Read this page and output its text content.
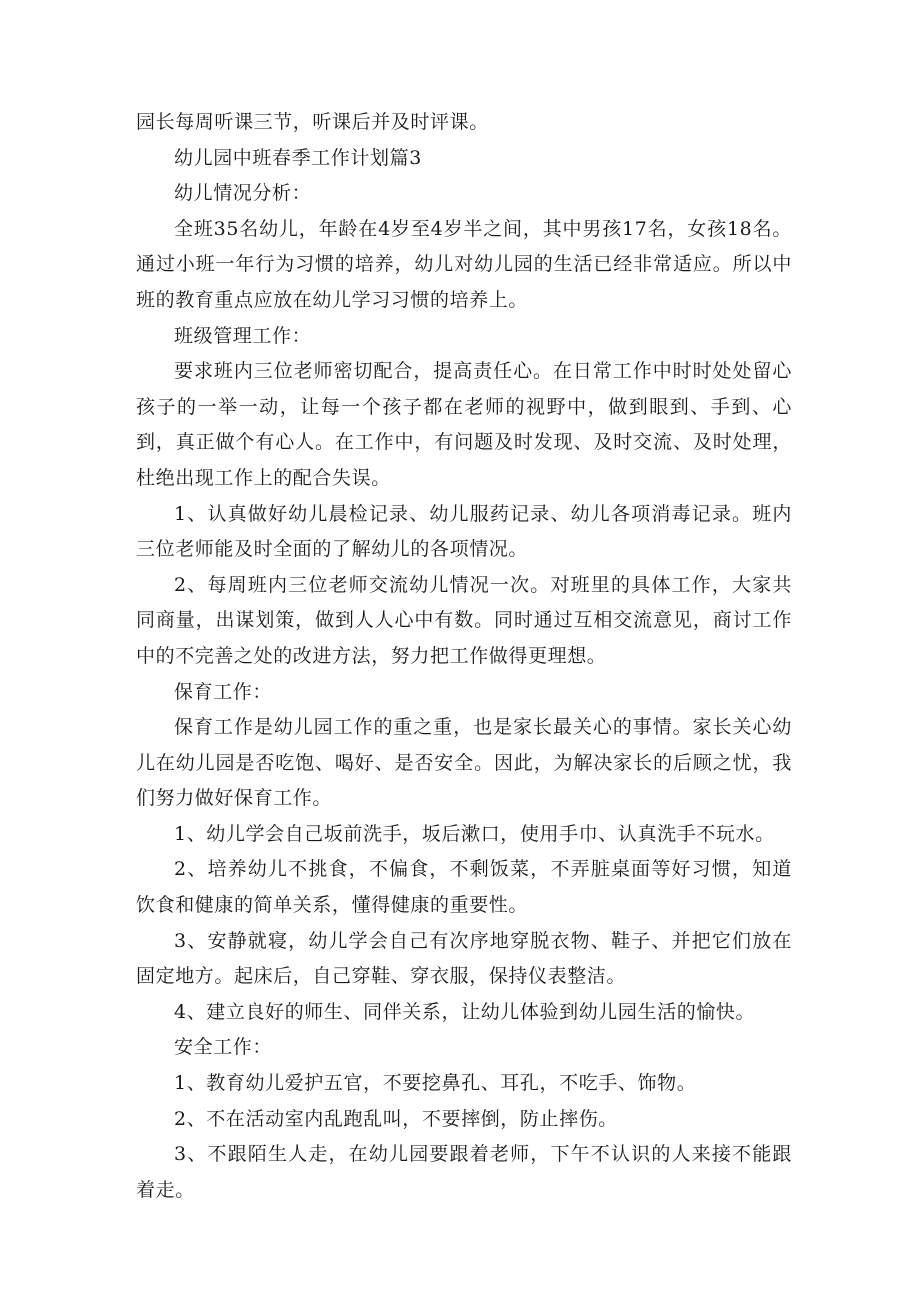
园长每周听课三节，听课后并及时评课。

幼儿园中班春季工作计划篇3

幼儿情况分析：

全班35名幼儿，年龄在4岁至4岁半之间，其中男孩17名，女孩18名。通过小班一年行为习惯的培养，幼儿对幼儿园的生活已经非常适应。所以中班的教育重点应放在幼儿学习习惯的培养上。

班级管理工作：

要求班内三位老师密切配合，提高责任心。在日常工作中时时处处留心孩子的一举一动，让每一个孩子都在老师的视野中，做到眼到、手到、心到，真正做个有心人。在工作中，有问题及时发现、及时交流、及时处理，杜绝出现工作上的配合失误。

1、认真做好幼儿晨检记录、幼儿服药记录、幼儿各项消毒记录。班内三位老师能及时全面的了解幼儿的各项情况。

2、每周班内三位老师交流幼儿情况一次。对班里的具体工作，大家共同商量，出谋划策，做到人人心中有数。同时通过互相交流意见，商讨工作中的不完善之处的改进方法，努力把工作做得更理想。

保育工作：

保育工作是幼儿园工作的重之重，也是家长最关心的事情。家长关心幼儿在幼儿园是否吃饱、喝好、是否安全。因此，为解决家长的后顾之忧，我们努力做好保育工作。

1、幼儿学会自己坂前洗手，坂后漱口，使用手巾、认真洗手不玩水。

2、培养幼儿不挑食，不偏食，不剩饭菜，不弄脏桌面等好习惯，知道饮食和健康的简单关系，懂得健康的重要性。

3、安静就寝，幼儿学会自己有次序地穿脱衣物、鞋子、并把它们放在固定地方。起床后，自己穿鞋、穿衣服，保持仪表整洁。

4、建立良好的师生、同伴关系，让幼儿体验到幼儿园生活的愉快。

安全工作：

1、教育幼儿爱护五官，不要挖鼻孔、耳孔，不吃手、饰物。

2、不在活动室内乱跑乱叫，不要摔倒，防止摔伤。

3、不跟陌生人走，在幼儿园要跟着老师，下午不认识的人来接不能跟着走。
